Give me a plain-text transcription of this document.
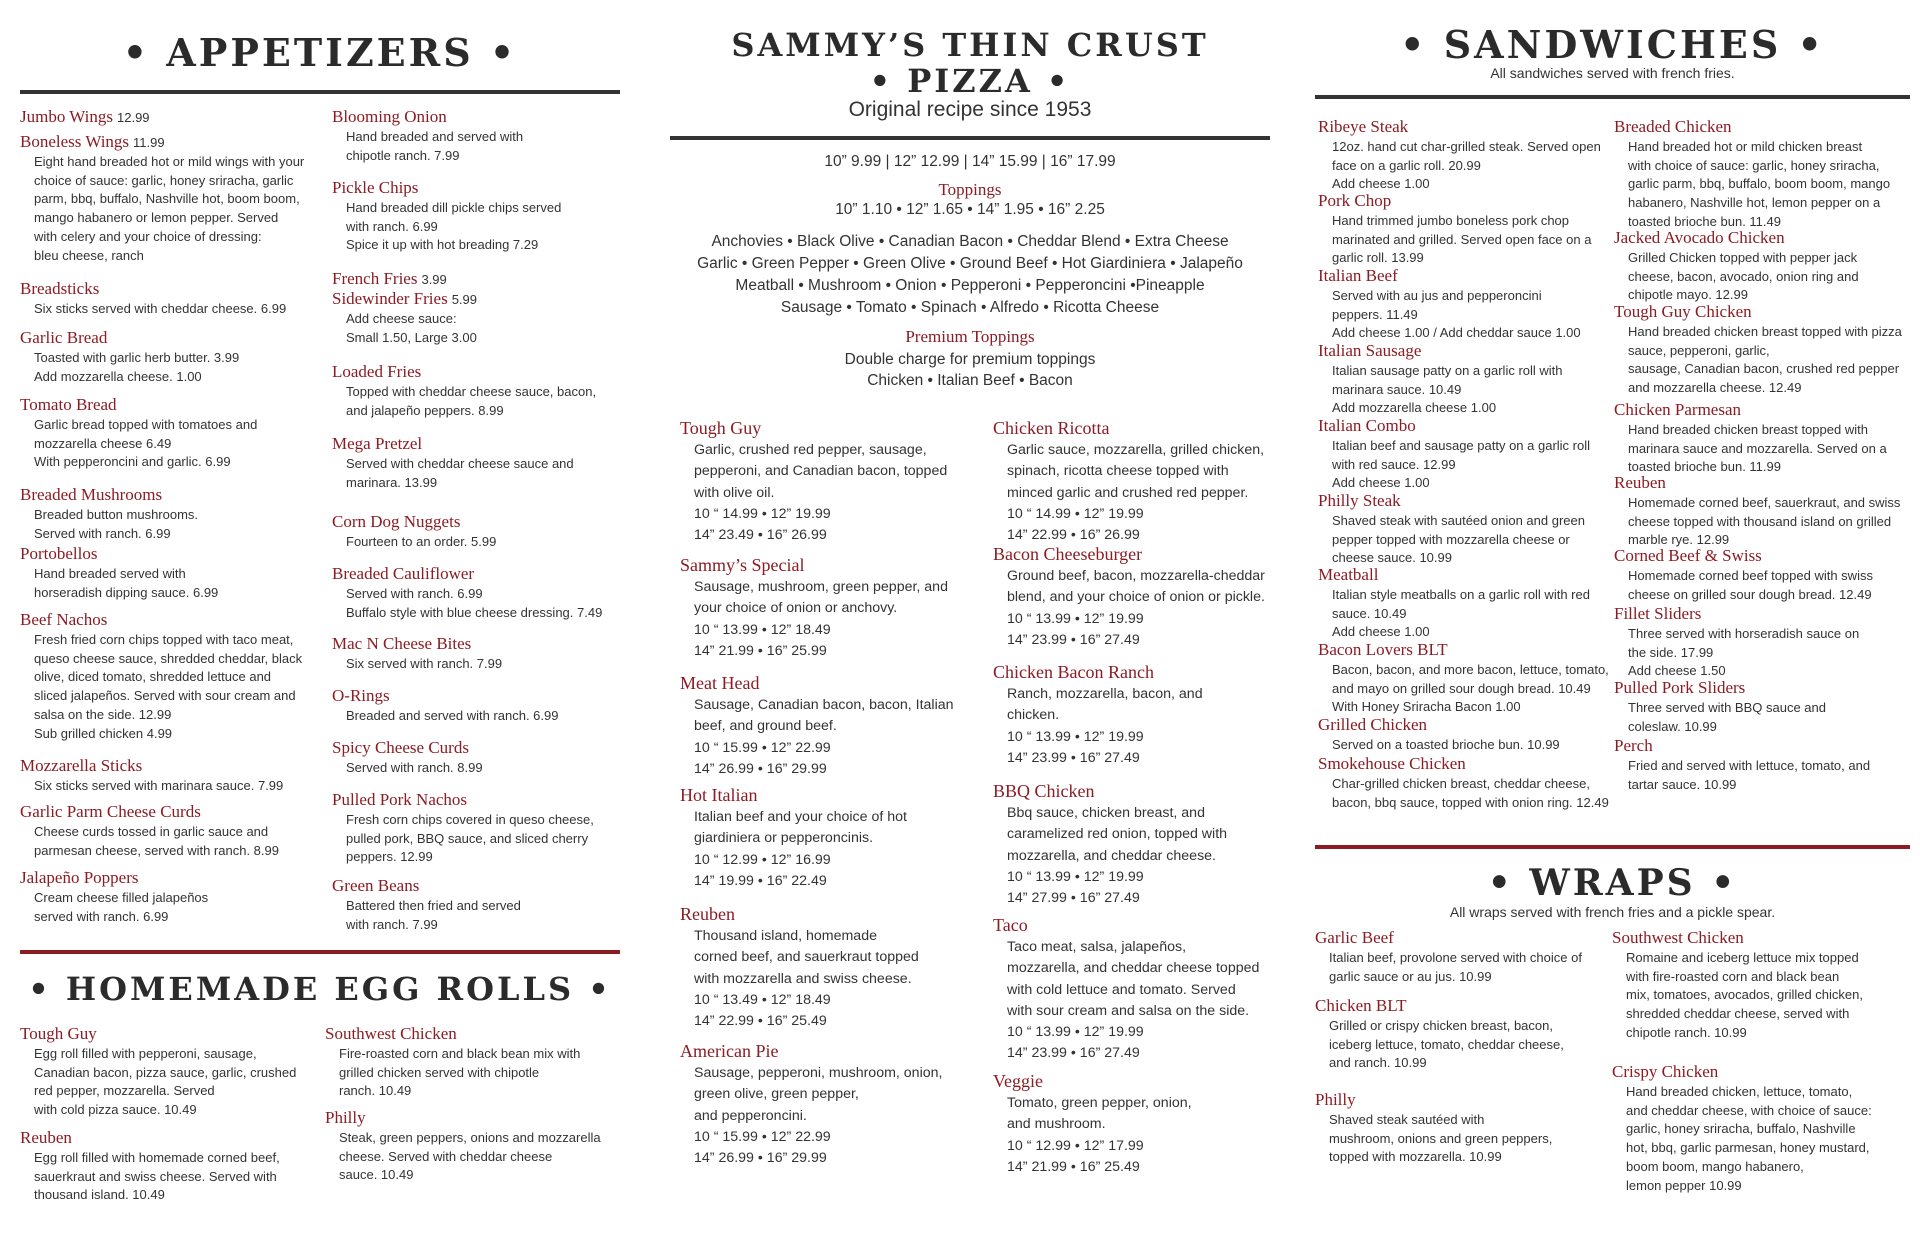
• APPETIZERS •
Jumbo Wings 12.99
Boneless Wings 11.99
Eight hand breaded hot or mild wings with your
choice of sauce: garlic, honey sriracha, garlic
parm, bbq, buffalo, Nashville hot, boom boom,
mango habanero or lemon pepper. Served
with celery and your choice of dressing:
bleu cheese, ranch
Breadsticks
Six sticks served with cheddar cheese. 6.99
Garlic Bread
Toasted with garlic herb butter. 3.99
Add mozzarella cheese. 1.00
Tomato Bread
Garlic bread topped with tomatoes and
mozzarella cheese 6.49
With pepperoncini and garlic. 6.99
Breaded Mushrooms
Breaded button mushrooms.
Served with ranch. 6.99
Portobellos
Hand breaded served with
horseradish dipping sauce. 6.99
Beef Nachos
Fresh fried corn chips topped with taco meat,
queso cheese sauce, shredded cheddar, black
olive, diced tomato, shredded lettuce and
sliced jalapeños. Served with sour cream and
salsa on the side. 12.99
Sub grilled chicken 4.99
Mozzarella Sticks
Six sticks served with marinara sauce. 7.99
Garlic Parm Cheese Curds
Cheese curds tossed in garlic sauce and
parmesan cheese, served with ranch. 8.99
Jalapeño Poppers
Cream cheese filled jalapeños
served with ranch. 6.99
Blooming Onion
Hand breaded and served with
chipotle ranch. 7.99
Pickle Chips
Hand breaded dill pickle chips served
with ranch. 6.99
Spice it up with hot breading 7.29
French Fries 3.99
Sidewinder Fries 5.99
Add cheese sauce:
Small 1.50, Large 3.00
Loaded Fries
Topped with cheddar cheese sauce, bacon,
and jalapeño peppers. 8.99
Mega Pretzel
Served with cheddar cheese sauce and
marinara. 13.99
Corn Dog Nuggets
Fourteen to an order. 5.99
Breaded Cauliflower
Served with ranch. 6.99
Buffalo style with blue cheese dressing. 7.49
Mac N Cheese Bites
Six served with ranch. 7.99
O-Rings
Breaded and served with ranch. 6.99
Spicy Cheese Curds
Served with ranch. 8.99
Pulled Pork Nachos
Fresh corn chips covered in queso cheese,
pulled pork, BBQ sauce, and sliced cherry
peppers. 12.99
Green Beans
Battered then fried and served
with ranch. 7.99
• HOMEMADE EGG ROLLS •
Tough Guy
Egg roll filled with pepperoni, sausage,
Canadian bacon, pizza sauce, garlic, crushed
red pepper, mozzarella. Served
with cold pizza sauce. 10.49
Reuben
Egg roll filled with homemade corned beef,
sauerkraut and swiss cheese. Served with
thousand island. 10.49
Southwest Chicken
Fire-roasted corn and black bean mix with
grilled chicken served with chipotle
ranch. 10.49
Philly
Steak, green peppers, onions and mozzarella
cheese. Served with cheddar cheese
sauce. 10.49
SAMMY’S THIN CRUST
• PIZZA •
Original recipe since 1953
10” 9.99 | 12” 12.99 | 14” 15.99 | 16” 17.99
Toppings
10” 1.10 • 12” 1.65 • 14” 1.95 • 16” 2.25
Anchovies • Black Olive • Canadian Bacon • Cheddar Blend • Extra Cheese
Garlic • Green Pepper • Green Olive • Ground Beef • Hot Giardiniera • Jalapeño
Meatball • Mushroom • Onion • Pepperoni • Pepperoncini •Pineapple
Sausage • Tomato • Spinach • Alfredo • Ricotta Cheese
Premium Toppings
Double charge for premium toppings
Chicken • Italian Beef • Bacon
Tough Guy
Garlic, crushed red pepper, sausage,
pepperoni, and Canadian bacon, topped
with olive oil.
10 “ 14.99 • 12” 19.99
14” 23.49 • 16” 26.99
Sammy’s Special
Sausage, mushroom, green pepper, and
your choice of onion or anchovy.
10 “ 13.99 • 12” 18.49
14” 21.99 • 16” 25.99
Meat Head
Sausage, Canadian bacon, bacon, Italian
beef, and ground beef.
10 “ 15.99 • 12” 22.99
14” 26.99 • 16” 29.99
Hot Italian
Italian beef and your choice of hot
giardiniera or pepperoncinis.
10 “ 12.99 • 12” 16.99
14” 19.99 • 16” 22.49
Reuben
Thousand island, homemade
corned beef, and sauerkraut topped
with mozzarella and swiss cheese.
10 “ 13.49 • 12” 18.49
14” 22.99 • 16” 25.49
American Pie
Sausage, pepperoni, mushroom, onion,
green olive, green pepper,
and pepperoncini.
10 “ 15.99 • 12” 22.99
14” 26.99 • 16” 29.99
Chicken Ricotta
Garlic sauce, mozzarella, grilled chicken,
spinach, ricotta cheese topped with
minced garlic and crushed red pepper.
10 “ 14.99 • 12” 19.99
14” 22.99 • 16” 26.99
Bacon Cheeseburger
Ground beef, bacon, mozzarella-cheddar
blend, and your choice of onion or pickle.
10 “ 13.99 • 12” 19.99
14” 23.99 • 16” 27.49
Chicken Bacon Ranch
Ranch, mozzarella, bacon, and
chicken.
10 “ 13.99 • 12” 19.99
14” 23.99 • 16” 27.49
BBQ Chicken
Bbq sauce, chicken breast, and
caramelized red onion, topped with
mozzarella, and cheddar cheese.
10 “ 13.99 • 12” 19.99
14” 27.99 • 16” 27.49
Taco
Taco meat, salsa, jalapeños,
mozzarella, and cheddar cheese topped
with cold lettuce and tomato. Served
with sour cream and salsa on the side.
10 “ 13.99 • 12” 19.99
14” 23.99 • 16” 27.49
Veggie
Tomato, green pepper, onion,
and mushroom.
10 “ 12.99 • 12” 17.99
14” 21.99 • 16” 25.49
• SANDWICHES •
All sandwiches served with french fries.
Ribeye Steak
12oz. hand cut char-grilled steak. Served open
face on a garlic roll. 20.99
Add cheese 1.00
Pork Chop
Hand trimmed jumbo boneless pork chop
marinated and grilled. Served open face on a
garlic roll. 13.99
Italian Beef
Served with au jus and pepperoncini
peppers. 11.49
Add cheese 1.00 / Add cheddar sauce 1.00
Italian Sausage
Italian sausage patty on a garlic roll with
marinara sauce. 10.49
Add mozzarella cheese 1.00
Italian Combo
Italian beef and sausage patty on a garlic roll
with red sauce. 12.99
Add cheese 1.00
Philly Steak
Shaved steak with sautéed onion and green
pepper topped with mozzarella cheese or
cheese sauce. 10.99
Meatball
Italian style meatballs on a garlic roll with red
sauce. 10.49
Add cheese 1.00
Bacon Lovers BLT
Bacon, bacon, and more bacon, lettuce, tomato,
and mayo on grilled sour dough bread. 10.49
With Honey Sriracha Bacon 1.00
Grilled Chicken
Served on a toasted brioche bun. 10.99
Smokehouse Chicken
Char-grilled chicken breast, cheddar cheese,
bacon, bbq sauce, topped with onion ring. 12.49
Breaded Chicken
Hand breaded hot or mild chicken breast
with choice of sauce: garlic, honey sriracha,
garlic parm, bbq, buffalo, boom boom, mango
habanero, Nashville hot, lemon pepper on a
toasted brioche bun. 11.49
Jacked Avocado Chicken
Grilled Chicken topped with pepper jack
cheese, bacon, avocado, onion ring and
chipotle mayo. 12.99
Tough Guy Chicken
Hand breaded chicken breast topped with pizza
sauce, pepperoni, garlic,
sausage, Canadian bacon, crushed red pepper
and mozzarella cheese. 12.49
Chicken Parmesan
Hand breaded chicken breast topped with
marinara sauce and mozzarella. Served on a
toasted brioche bun. 11.99
Reuben
Homemade corned beef, sauerkraut, and swiss
cheese topped with thousand island on grilled
marble rye. 12.99
Corned Beef & Swiss
Homemade corned beef topped with swiss
cheese on grilled sour dough bread. 12.49
Fillet Sliders
Three served with horseradish sauce on
the side. 17.99
Add cheese 1.50
Pulled Pork Sliders
Three served with BBQ sauce and
coleslaw. 10.99
Perch
Fried and served with lettuce, tomato, and
tartar sauce. 10.99
• WRAPS •
All wraps served with french fries and a pickle spear.
Garlic Beef
Italian beef, provolone served with choice of
garlic sauce or au jus. 10.99
Chicken BLT
Grilled or crispy chicken breast, bacon,
iceberg lettuce, tomato, cheddar cheese,
and ranch. 10.99
Philly
Shaved steak sautéed with
mushroom, onions and green peppers,
topped with mozzarella. 10.99
Southwest Chicken
Romaine and iceberg lettuce mix topped
with fire-roasted corn and black bean
mix, tomatoes, avocados, grilled chicken,
shredded cheddar cheese, served with
chipotle ranch. 10.99
Crispy Chicken
Hand breaded chicken, lettuce, tomato,
and cheddar cheese, with choice of sauce:
garlic, honey sriracha, buffalo, Nashville
hot, bbq, garlic parmesan, honey mustard,
boom boom, mango habanero,
lemon pepper 10.99
